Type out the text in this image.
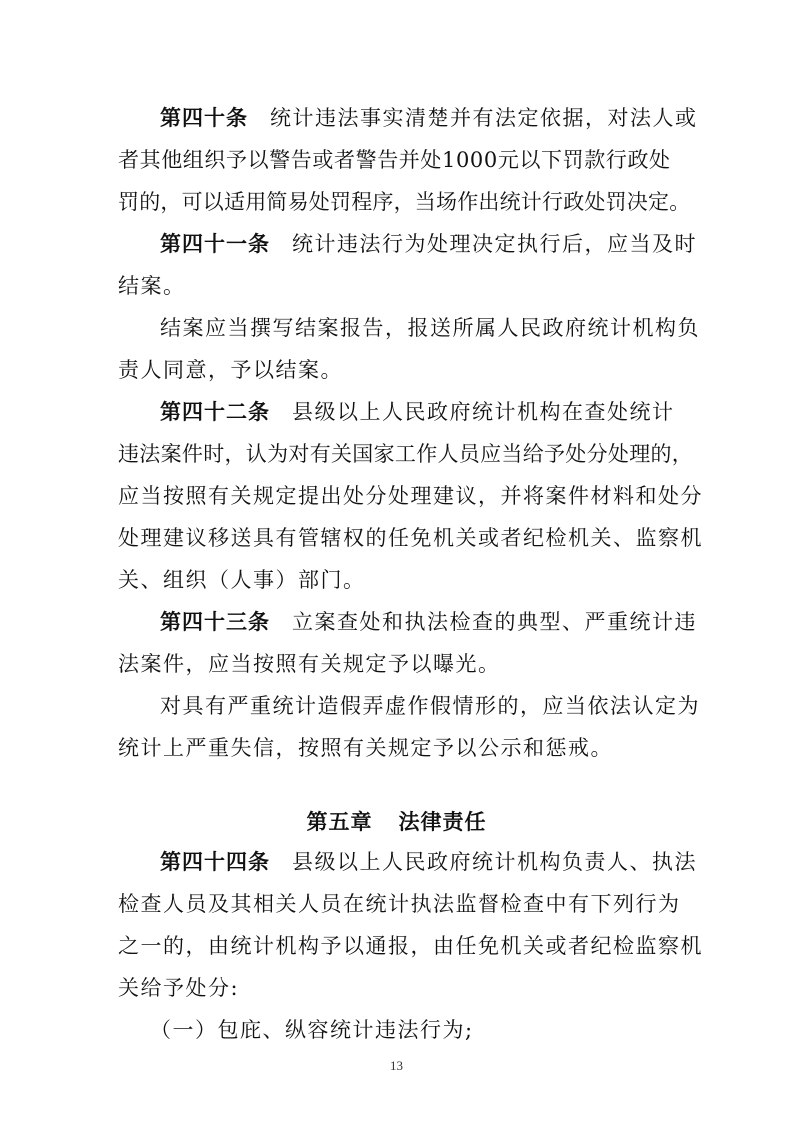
第四十条 统计违法事实清楚并有法定依据，对法人或
者其他组织予以警告或者警告并处1000元以下罚款行政处
罚的，可以适用简易处罚程序，当场作出统计行政处罚决定。
第四十一条 统计违法行为处理决定执行后，应当及时
结案。
结案应当撰写结案报告，报送所属人民政府统计机构负
责人同意，予以结案。
第四十二条 县级以上人民政府统计机构在查处统计
违法案件时，认为对有关国家工作人员应当给予处分处理的，
应当按照有关规定提出处分处理建议，并将案件材料和处分
处理建议移送具有管辖权的任免机关或者纪检机关、监察机
关、组织（人事）部门。
第四十三条 立案查处和执法检查的典型、严重统计违
法案件，应当按照有关规定予以曝光。
对具有严重统计造假弄虚作假情形的，应当依法认定为
统计上严重失信，按照有关规定予以公示和惩戒。
第五章 法律责任
第四十四条 县级以上人民政府统计机构负责人、执法
检查人员及其相关人员在统计执法监督检查中有下列行为
之一的，由统计机构予以通报，由任免机关或者纪检监察机
关给予处分:
（一）包庇、纵容统计违法行为;
13
